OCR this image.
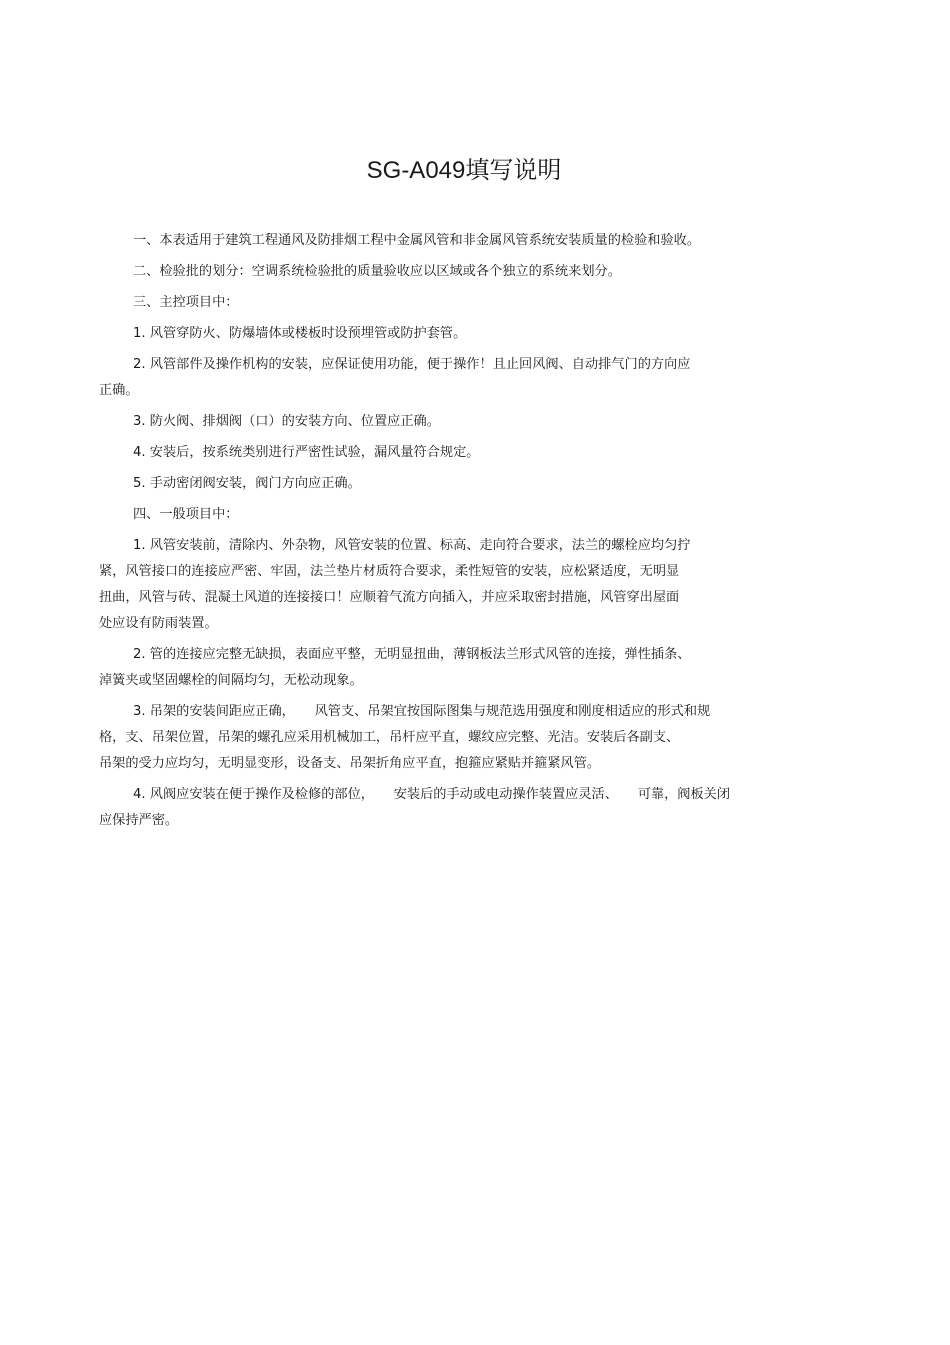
SG-A049填写说明
一、本表适用于建筑工程通风及防排烟工程中金属风管和非金属风管系统安装质量的检验和验收。
二、检验批的划分：空调系统检验批的质量验收应以区域或各个独立的系统来划分。
三、主控项目中：
1. 风管穿防火、防爆墙体或楼板时设预埋管或防护套管。
2. 风管部件及操作机构的安装，应保证使用功能，便于操作！且止回风阀、自动排气门的方向应
正确。
3. 防火阀、排烟阀（口）的安装方向、位置应正确。
4. 安装后，按系统类别进行严密性试验，漏风量符合规定。
5. 手动密闭阀安装，阀门方向应正确。
四、一般项目中：
1. 风管安装前，清除内、外杂物，风管安装的位置、标高、走向符合要求，法兰的螺栓应均匀拧
紧，风管接口的连接应严密、牢固，法兰垫片材质符合要求，柔性短管的安装，应松紧适度，无明显
扭曲，风管与砖、混凝土风道的连接接口！应顺着气流方向插入，并应采取密封措施，风管穿出屋面
处应设有防雨装置。
2. 管的连接应完整无缺损，表面应平整，无明显扭曲，薄钢板法兰形式风管的连接，弹性插条、
淖簧夹或坚固螺栓的间隔均匀，无松动现象。
3. 吊架的安装间距应正确，　　风管支、吊架宜按国际图集与规范选用强度和刚度相适应的形式和规
格，支、吊架位置，吊架的螺孔应采用机械加工，吊杆应平直，螺纹应完整、光洁。安装后各副支、
吊架的受力应均匀，无明显变形，设备支、吊架折角应平直，抱箍应紧贴并箍紧风管。
4. 风阀应安装在便于操作及检修的部位，　　安装后的手动或电动操作装置应灵活、　　可靠，阀板关闭
应保持严密。
